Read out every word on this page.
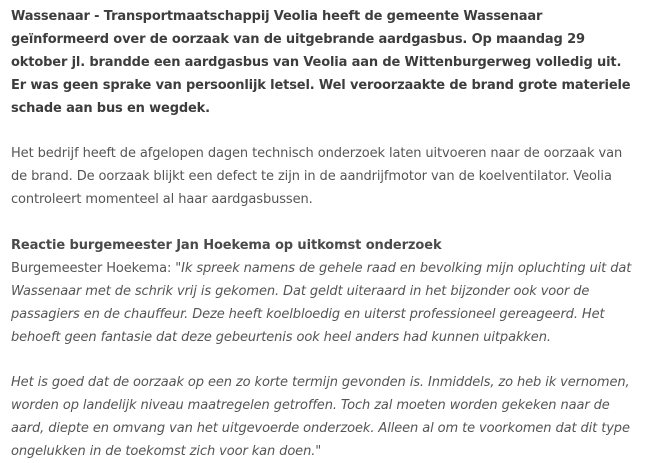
Wassenaar - Transportmaatschappij Veolia heeft de gemeente Wassenaar geïnformeerd over de oorzaak van de uitgebrande aardgasbus. Op maandag 29 oktober jl. brandde een aardgasbus van Veolia aan de Wittenburgerweg volledig uit. Er was geen sprake van persoonlijk letsel. Wel veroorzaakte de brand grote materiele schade aan bus en wegdek.

Het bedrijf heeft de afgelopen dagen technisch onderzoek laten uitvoeren naar de oorzaak van de brand. De oorzaak blijkt een defect te zijn in de aandrijfmotor van de koelventilator. Veolia controleert momenteel al haar aardgasbussen.

Reactie burgemeester Jan Hoekema op uitkomst onderzoek

Burgemeester Hoekema: "Ik spreek namens de gehele raad en bevolking mijn opluchting uit dat Wassenaar met de schrik vrij is gekomen. Dat geldt uiteraard in het bijzonder ook voor de passagiers en de chauffeur. Deze heeft koelbloedig en uiterst professioneel gereageerd. Het behoeft geen fantasie dat deze gebeurtenis ook heel anders had kunnen uitpakken.

Het is goed dat de oorzaak op een zo korte termijn gevonden is. Inmiddels, zo heb ik vernomen, worden op landelijk niveau maatregelen getroffen. Toch zal moeten worden gekeken naar de aard, diepte en omvang van het uitgevoerde onderzoek. Alleen al om te voorkomen dat dit type ongelukken in de toekomst zich voor kan doen."
